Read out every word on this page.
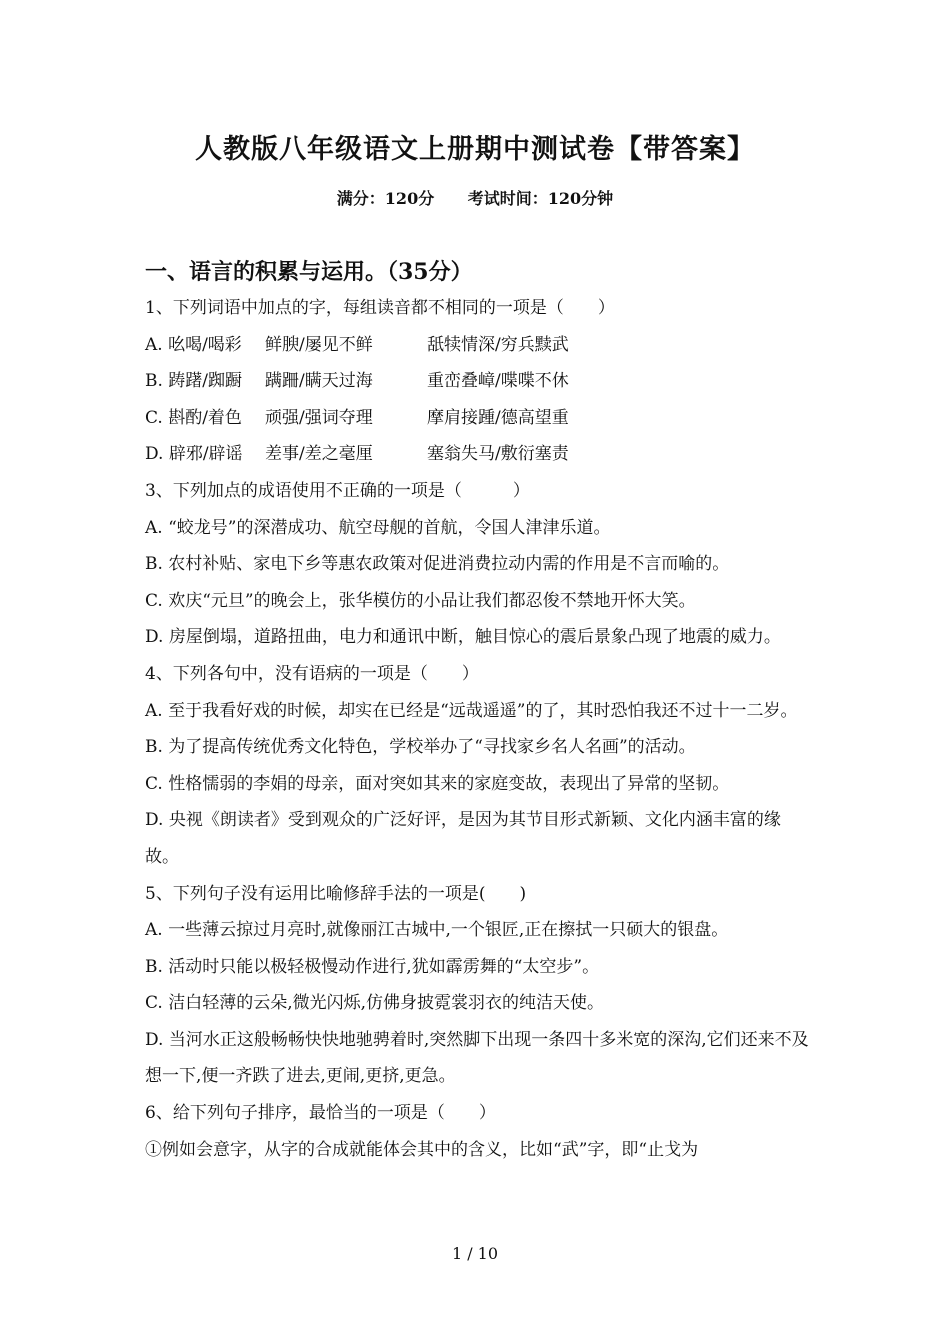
人教版八年级语文上册期中测试卷【带答案】
满分：120分 考试时间：120分钟
一、语言的积累与运用。（35分）
1、下列词语中加点的字，每组读音都不相同的一项是（　　）
A. 吆喝/喝彩 鲜腴/屡见不鲜	舐犊情深/穷兵黩武
B. 踌躇/踟蹰 蹒跚/瞒天过海	重峦叠嶂/喋喋不休
C. 斟酌/着色 顽强/强词夺理	摩肩接踵/德高望重
D. 辟邪/辟谣 差事/差之毫厘	塞翁失马/敷衍塞责
3、下列加点的成语使用不正确的一项是（　　　）
A. “蛟龙号”的深潜成功、航空母舰的首航，令国人津津乐道。
B. 农村补贴、家电下乡等惠农政策对促进消费拉动内需的作用是不言而喻的。
C. 欢庆“元旦”的晚会上，张华模仿的小品让我们都忍俊不禁地开怀大笑。
D. 房屋倒塌，道路扭曲，电力和通讯中断，触目惊心的震后景象凸现了地震的威力。
4、下列各句中，没有语病的一项是（　　）
A. 至于我看好戏的时候，却实在已经是“远哉遥遥”的了，其时恐怕我还不过十一二岁。
B. 为了提高传统优秀文化特色，学校举办了“寻找家乡名人名画”的活动。
C. 性格懦弱的李娟的母亲，面对突如其来的家庭变故，表现出了异常的坚韧。
D. 央视《朗读者》受到观众的广泛好评，是因为其节目形式新颖、文化内涵丰富的缘故。
5、下列句子没有运用比喻修辞手法的一项是(　　)
A. 一些薄云掠过月亮时,就像丽江古城中,一个银匠,正在擦拭一只硕大的银盘。
B. 活动时只能以极轻极慢动作进行,犹如霹雳舞的“太空步”。
C. 洁白轻薄的云朵,微光闪烁,仿佛身披霓裳羽衣的纯洁天使。
D. 当河水正这般畅畅快快地驰骋着时,突然脚下出现一条四十多米宽的深沟,它们还来不及想一下,便一齐跌了进去,更闹,更挤,更急。
6、给下列句子排序，最恰当的一项是（　　）
①例如会意字，从字的合成就能体会其中的含义，比如“武”字，即“止戈为
1 / 10
